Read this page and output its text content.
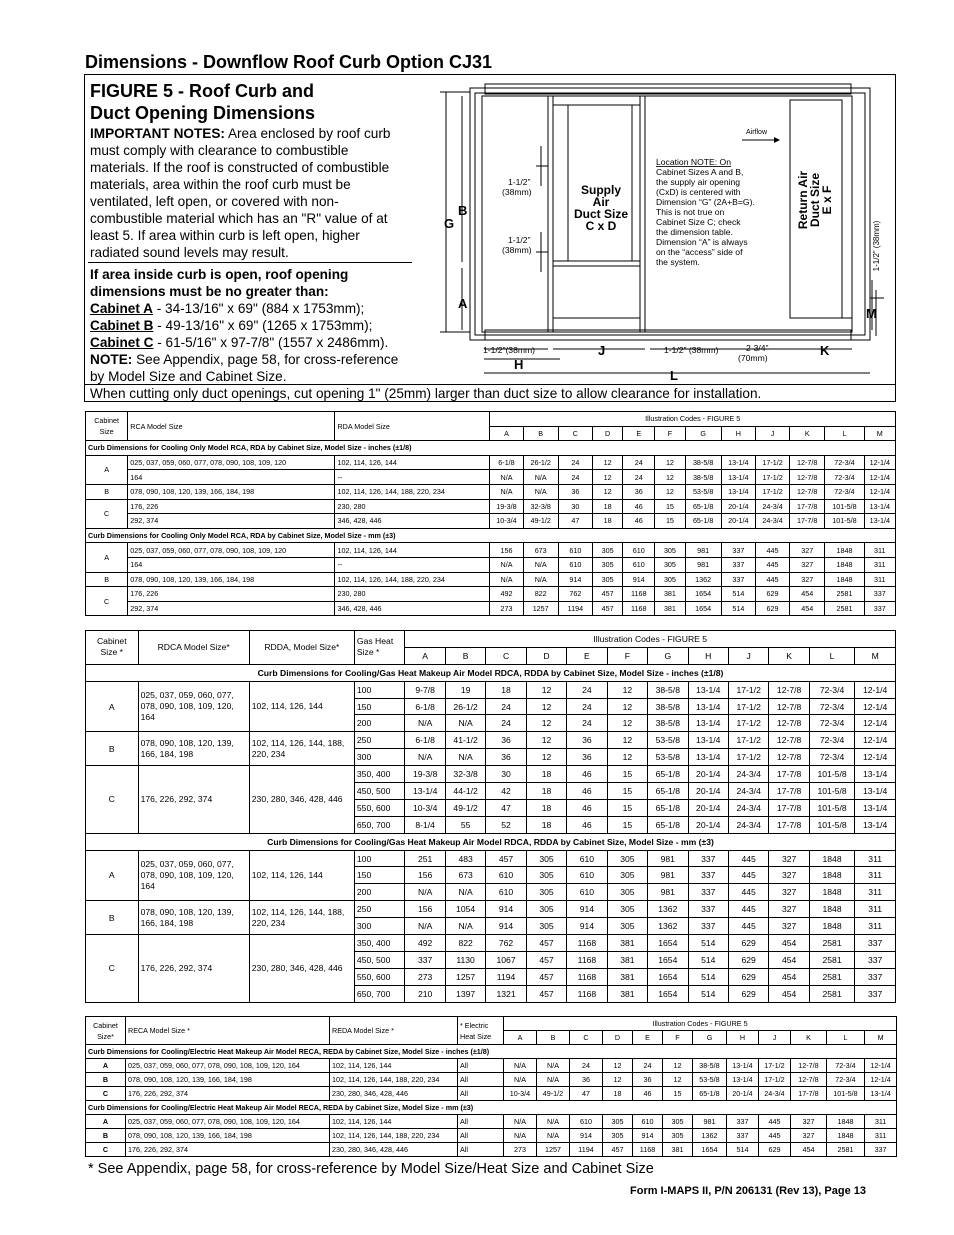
Dimensions - Downflow Roof Curb Option CJ31
FIGURE 5 - Roof Curb and
Duct Opening Dimensions
IMPORTANT NOTES: Area enclosed by roof curb must comply with clearance to combustible materials. If the roof is constructed of combustible materials, area within the roof curb must be ventilated, left open, or covered with non-combustible material which has an "R" value of at least 5. If area within curb is left open, higher radiated sound levels may result.
If area inside curb is open, roof opening dimensions must be no greater than:
Cabinet A - 34-13/16" x 69" (884 x 1753mm);
Cabinet B - 49-13/16" x 69" (1265 x 1753mm);
Cabinet C - 61-5/16" x 97-7/8" (1557 x 2486mm).
NOTE: See Appendix, page 58, for cross-reference by Model Size and Cabinet Size.
When cutting only duct openings, cut opening 1" (25mm) larger than duct size to allow clearance for installation.
Airflow
Supply
Air
Duct Size
C x D	Return Air
Duct Size
E x F
Location NOTE: On
Cabinet Sizes A and B,
the supply air opening
(CxD) is centered with
Dimension “G” (2A+B=G).
This is not true on
Cabinet Size C; check
the dimension table.
Dimension “A” is always
on the “access” side of
the system.
1-1/2”
(38mm)
1-1/2”
(38mm)	1-1/2” (38mm)
1-1/2”(38mm)	1-1/2” (38mm)	2-3/4”
(70mm)
G
B
A
M
J	K
H
L
Cabinet Size	RCA Model Size	RDA Model Size	Illustration Codes - FIGURE 5											
			A	B	C	D	E	F	G	H	J	K	L	M
Curb Dimensions for Cooling Only Model RCA, RDA by Cabinet Size, Model Size - inches (±1/8)														
A	025, 037, 059, 060, 077, 078, 090, 108, 109, 120	102, 114, 126, 144	6-1/8	26-1/2	24	12	24	12	38-5/8	13-1/4	17-1/2	12-7/8	72-3/4	12-1/4
	164	--	N/A	N/A	24	12	24	12	38-5/8	13-1/4	17-1/2	12-7/8	72-3/4	12-1/4
B	078, 090, 108, 120, 139, 166, 184, 198	102, 114, 126, 144, 188, 220, 234	N/A	N/A	36	12	36	12	53-5/8	13-1/4	17-1/2	12-7/8	72-3/4	12-1/4
C	176, 226	230, 280	19-3/8	32-3/8	30	18	46	15	65-1/8	20-1/4	24-3/4	17-7/8	101-5/8	13-1/4
	292, 374	346, 428, 446	10-3/4	49-1/2	47	18	46	15	65-1/8	20-1/4	24-3/4	17-7/8	101-5/8	13-1/4
Curb Dimensions for Cooling Only Model RCA, RDA by Cabinet Size, Model Size - mm (±3)														
A	025, 037, 059, 060, 077, 078, 090, 108, 109, 120	102, 114, 126, 144	156	673	610	305	610	305	981	337	445	327	1848	311
	164	--	N/A	N/A	610	305	610	305	981	337	445	327	1848	311
B	078, 090, 108, 120, 139, 166, 184, 198	102, 114, 126, 144, 188, 220, 234	N/A	N/A	914	305	914	305	1362	337	445	327	1848	311
C	176, 226	230, 280	492	822	762	457	1168	381	1654	514	629	454	2581	337
	292, 374	346, 428, 446	273	1257	1194	457	1168	381	1654	514	629	454	2581	337
Cabinet Size *	RDCA Model Size*	RDDA, Model Size*	Gas Heat Size *	Illustration Codes - FIGURE 5											
				A	B	C	D	E	F	G	H	J	K	L	M
Curb Dimensions for Cooling/Gas Heat Makeup Air Model RDCA, RDDA by Cabinet Size, Model Size - inches (±1/8)															
A	025, 037, 059, 060, 077, 078, 090, 108, 109, 120, 164	102, 114, 126, 144	100	9-7/8	19	18	12	24	12	38-5/8	13-1/4	17-1/2	12-7/8	72-3/4	12-1/4
			150	6-1/8	26-1/2	24	12	24	12	38-5/8	13-1/4	17-1/2	12-7/8	72-3/4	12-1/4
			200	N/A	N/A	24	12	24	12	38-5/8	13-1/4	17-1/2	12-7/8	72-3/4	12-1/4
B	078, 090, 108, 120, 139, 166, 184, 198	102, 114, 126, 144, 188, 220, 234	250	6-1/8	41-1/2	36	12	36	12	53-5/8	13-1/4	17-1/2	12-7/8	72-3/4	12-1/4
			300	N/A	N/A	36	12	36	12	53-5/8	13-1/4	17-1/2	12-7/8	72-3/4	12-1/4
C	176, 226, 292, 374	230, 280, 346, 428, 446	350, 400	19-3/8	32-3/8	30	18	46	15	65-1/8	20-1/4	24-3/4	17-7/8	101-5/8	13-1/4
			450, 500	13-1/4	44-1/2	42	18	46	15	65-1/8	20-1/4	24-3/4	17-7/8	101-5/8	13-1/4
			550, 600	10-3/4	49-1/2	47	18	46	15	65-1/8	20-1/4	24-3/4	17-7/8	101-5/8	13-1/4
			650, 700	8-1/4	55	52	18	46	15	65-1/8	20-1/4	24-3/4	17-7/8	101-5/8	13-1/4
Curb Dimensions for Cooling/Gas Heat Makeup Air Model RDCA, RDDA by Cabinet Size, Model Size - mm (±3)															
A	025, 037, 059, 060, 077, 078, 090, 108, 109, 120, 164	102, 114, 126, 144	100	251	483	457	305	610	305	981	337	445	327	1848	311
			150	156	673	610	305	610	305	981	337	445	327	1848	311
			200	N/A	N/A	610	305	610	305	981	337	445	327	1848	311
B	078, 090, 108, 120, 139, 166, 184, 198	102, 114, 126, 144, 188, 220, 234	250	156	1054	914	305	914	305	1362	337	445	327	1848	311
			300	N/A	N/A	914	305	914	305	1362	337	445	327	1848	311
C	176, 226, 292, 374	230, 280, 346, 428, 446	350, 400	492	822	762	457	1168	381	1654	514	629	454	2581	337
			450, 500	337	1130	1067	457	1168	381	1654	514	629	454	2581	337
			550, 600	273	1257	1194	457	1168	381	1654	514	629	454	2581	337
			650, 700	210	1397	1321	457	1168	381	1654	514	629	454	2581	337
Cabinet Size*	RECA Model Size *	REDA Model Size *	* Electric Heat Size	Illustration Codes - FIGURE 5											
				A	B	C	D	E	F	G	H	J	K	L	M
Curb Dimensions for Cooling/Electric Heat Makeup Air Model RECA, REDA by Cabinet Size, Model Size - inches (±1/8)															
A	025, 037, 059, 060, 077, 078, 090, 108, 109, 120, 164	102, 114, 126, 144	All	N/A	N/A	24	12	24	12	38-5/8	13-1/4	17-1/2	12-7/8	72-3/4	12-1/4
B	078, 090, 108, 120, 139, 166, 184, 198	102, 114, 126, 144, 188, 220, 234	All	N/A	N/A	36	12	36	12	53-5/8	13-1/4	17-1/2	12-7/8	72-3/4	12-1/4
C	176, 226, 292, 374	230, 280, 346, 428, 446	All	10-3/4	49-1/2	47	18	46	15	65-1/8	20-1/4	24-3/4	17-7/8	101-5/8	13-1/4
Curb Dimensions for Cooling/Electric Heat Makeup Air Model RECA, REDA by Cabinet Size, Model Size - mm (±3)															
A	025, 037, 059, 060, 077, 078, 090, 108, 109, 120, 164	102, 114, 126, 144	All	N/A	N/A	610	305	610	305	981	337	445	327	1848	311
B	078, 090, 108, 120, 139, 166, 184, 198	102, 114, 126, 144, 188, 220, 234	All	N/A	N/A	914	305	914	305	1362	337	445	327	1848	311
C	176, 226, 292, 374	230, 280, 346, 428, 446	All	273	1257	1194	457	1168	381	1654	514	629	454	2581	337
* See Appendix, page 58, for cross-reference by Model Size/Heat Size and Cabinet Size
Form I-MAPS II, P/N 206131 (Rev 13), Page 13
